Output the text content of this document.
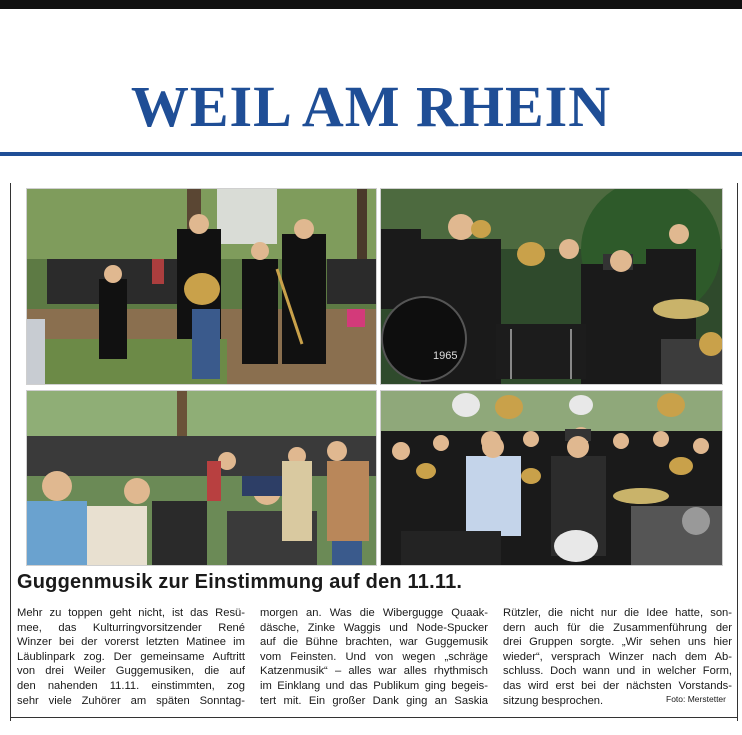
WEIL AM RHEIN
1965
Guggenmusik zur Einstimmung auf den 11.11.
Mehr zu toppen geht nicht, ist das Resü-
mee, das Kulturringvorsitzender René
Winzer bei der vorerst letzten Matinee im
Läublinpark zog. Der gemeinsame Auftritt
von drei Weiler Guggemusiken, die auf
den nahenden 11.11. einstimmten, zog
sehr viele Zuhörer am späten Sonntag-
morgen an. Was die Wibergugge Quaak-
däsche, Zinke Waggis und Node-Spucker
auf die Bühne brachten, war Guggemusik
vom Feinsten. Und von wegen „schräge
Katzenmusik“ – alles war alles rhythmisch
im Einklang und das Publikum ging begeis-
tert mit. Ein großer Dank ging an Saskia
Rützler, die nicht nur die Idee hatte, son-
dern auch für die Zusammenführung der
drei Gruppen sorgte. „Wir sehen uns hier
wieder“, versprach Winzer nach dem Ab-
schluss. Doch wann und in welcher Form,
das wird erst bei der nächsten Vorstands-
sitzung besprochen.	Foto: Merstetter
